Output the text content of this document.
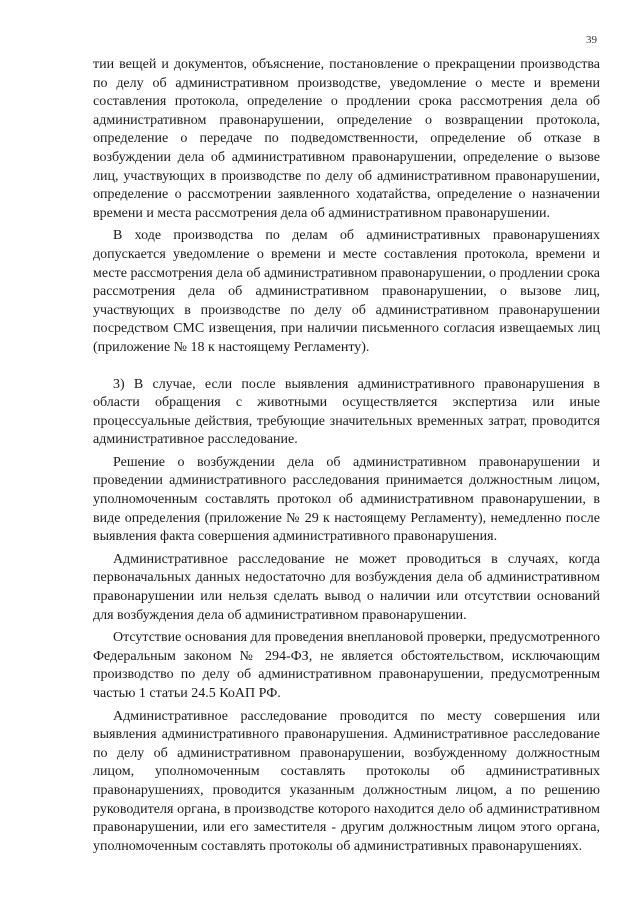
39

тии вещей и документов, объяснение, постановление о прекращении производства по делу об административном производстве, уведомление о месте и времени составления протокола, определение о продлении срока рассмотрения дела об административном правонарушении, определение о возвращении протокола, определение о передаче по подведомственности, определение об отказе в возбуждении дела об административном правонарушении, определение о вызове лиц, участвующих в производстве по делу об административном правонарушении, определение о рассмотрении заявленного ходатайства, определение о назначении времени и места рассмотрения дела об административном правонарушении.

В ходе производства по делам об административных правонарушениях допускается уведомление о времени и месте составления протокола, времени и месте рассмотрения дела об административном правонарушении, о продлении срока рассмотрения дела об административном правонарушении, о вызове лиц, участвующих в производстве по делу об административном правонарушении посредством СМС извещения, при наличии письменного согласия извещаемых лиц (приложение № 18 к настоящему Регламенту).

3) В случае, если после выявления административного правонарушения в области обращения с животными осуществляется экспертиза или иные процессуальные действия, требующие значительных временных затрат, проводится административное расследование.

Решение о возбуждении дела об административном правонарушении и проведении административного расследования принимается должностным лицом, уполномоченным составлять протокол об административном правонарушении, в виде определения (приложение № 29 к настоящему Регламенту), немедленно после выявления факта совершения административного правонарушения.

Административное расследование не может проводиться в случаях, когда первоначальных данных недостаточно для возбуждения дела об административном правонарушении или нельзя сделать вывод о наличии или отсутствии оснований для возбуждения дела об административном правонарушении.

Отсутствие основания для проведения внеплановой проверки, предусмотренного Федеральным законом № 294-ФЗ, не является обстоятельством, исключающим производство по делу об административном правонарушении, предусмотренным частью 1 статьи 24.5 КоАП РФ.

Административное расследование проводится по месту совершения или выявления административного правонарушения. Административное расследование по делу об административном правонарушении, возбужденному должностным лицом, уполномоченным составлять протоколы об административных правонарушениях, проводится указанным должностным лицом, а по решению руководителя органа, в производстве которого находится дело об административном правонарушении, или его заместителя - другим должностным лицом этого органа, уполномоченным составлять протоколы об административных правонарушениях.
